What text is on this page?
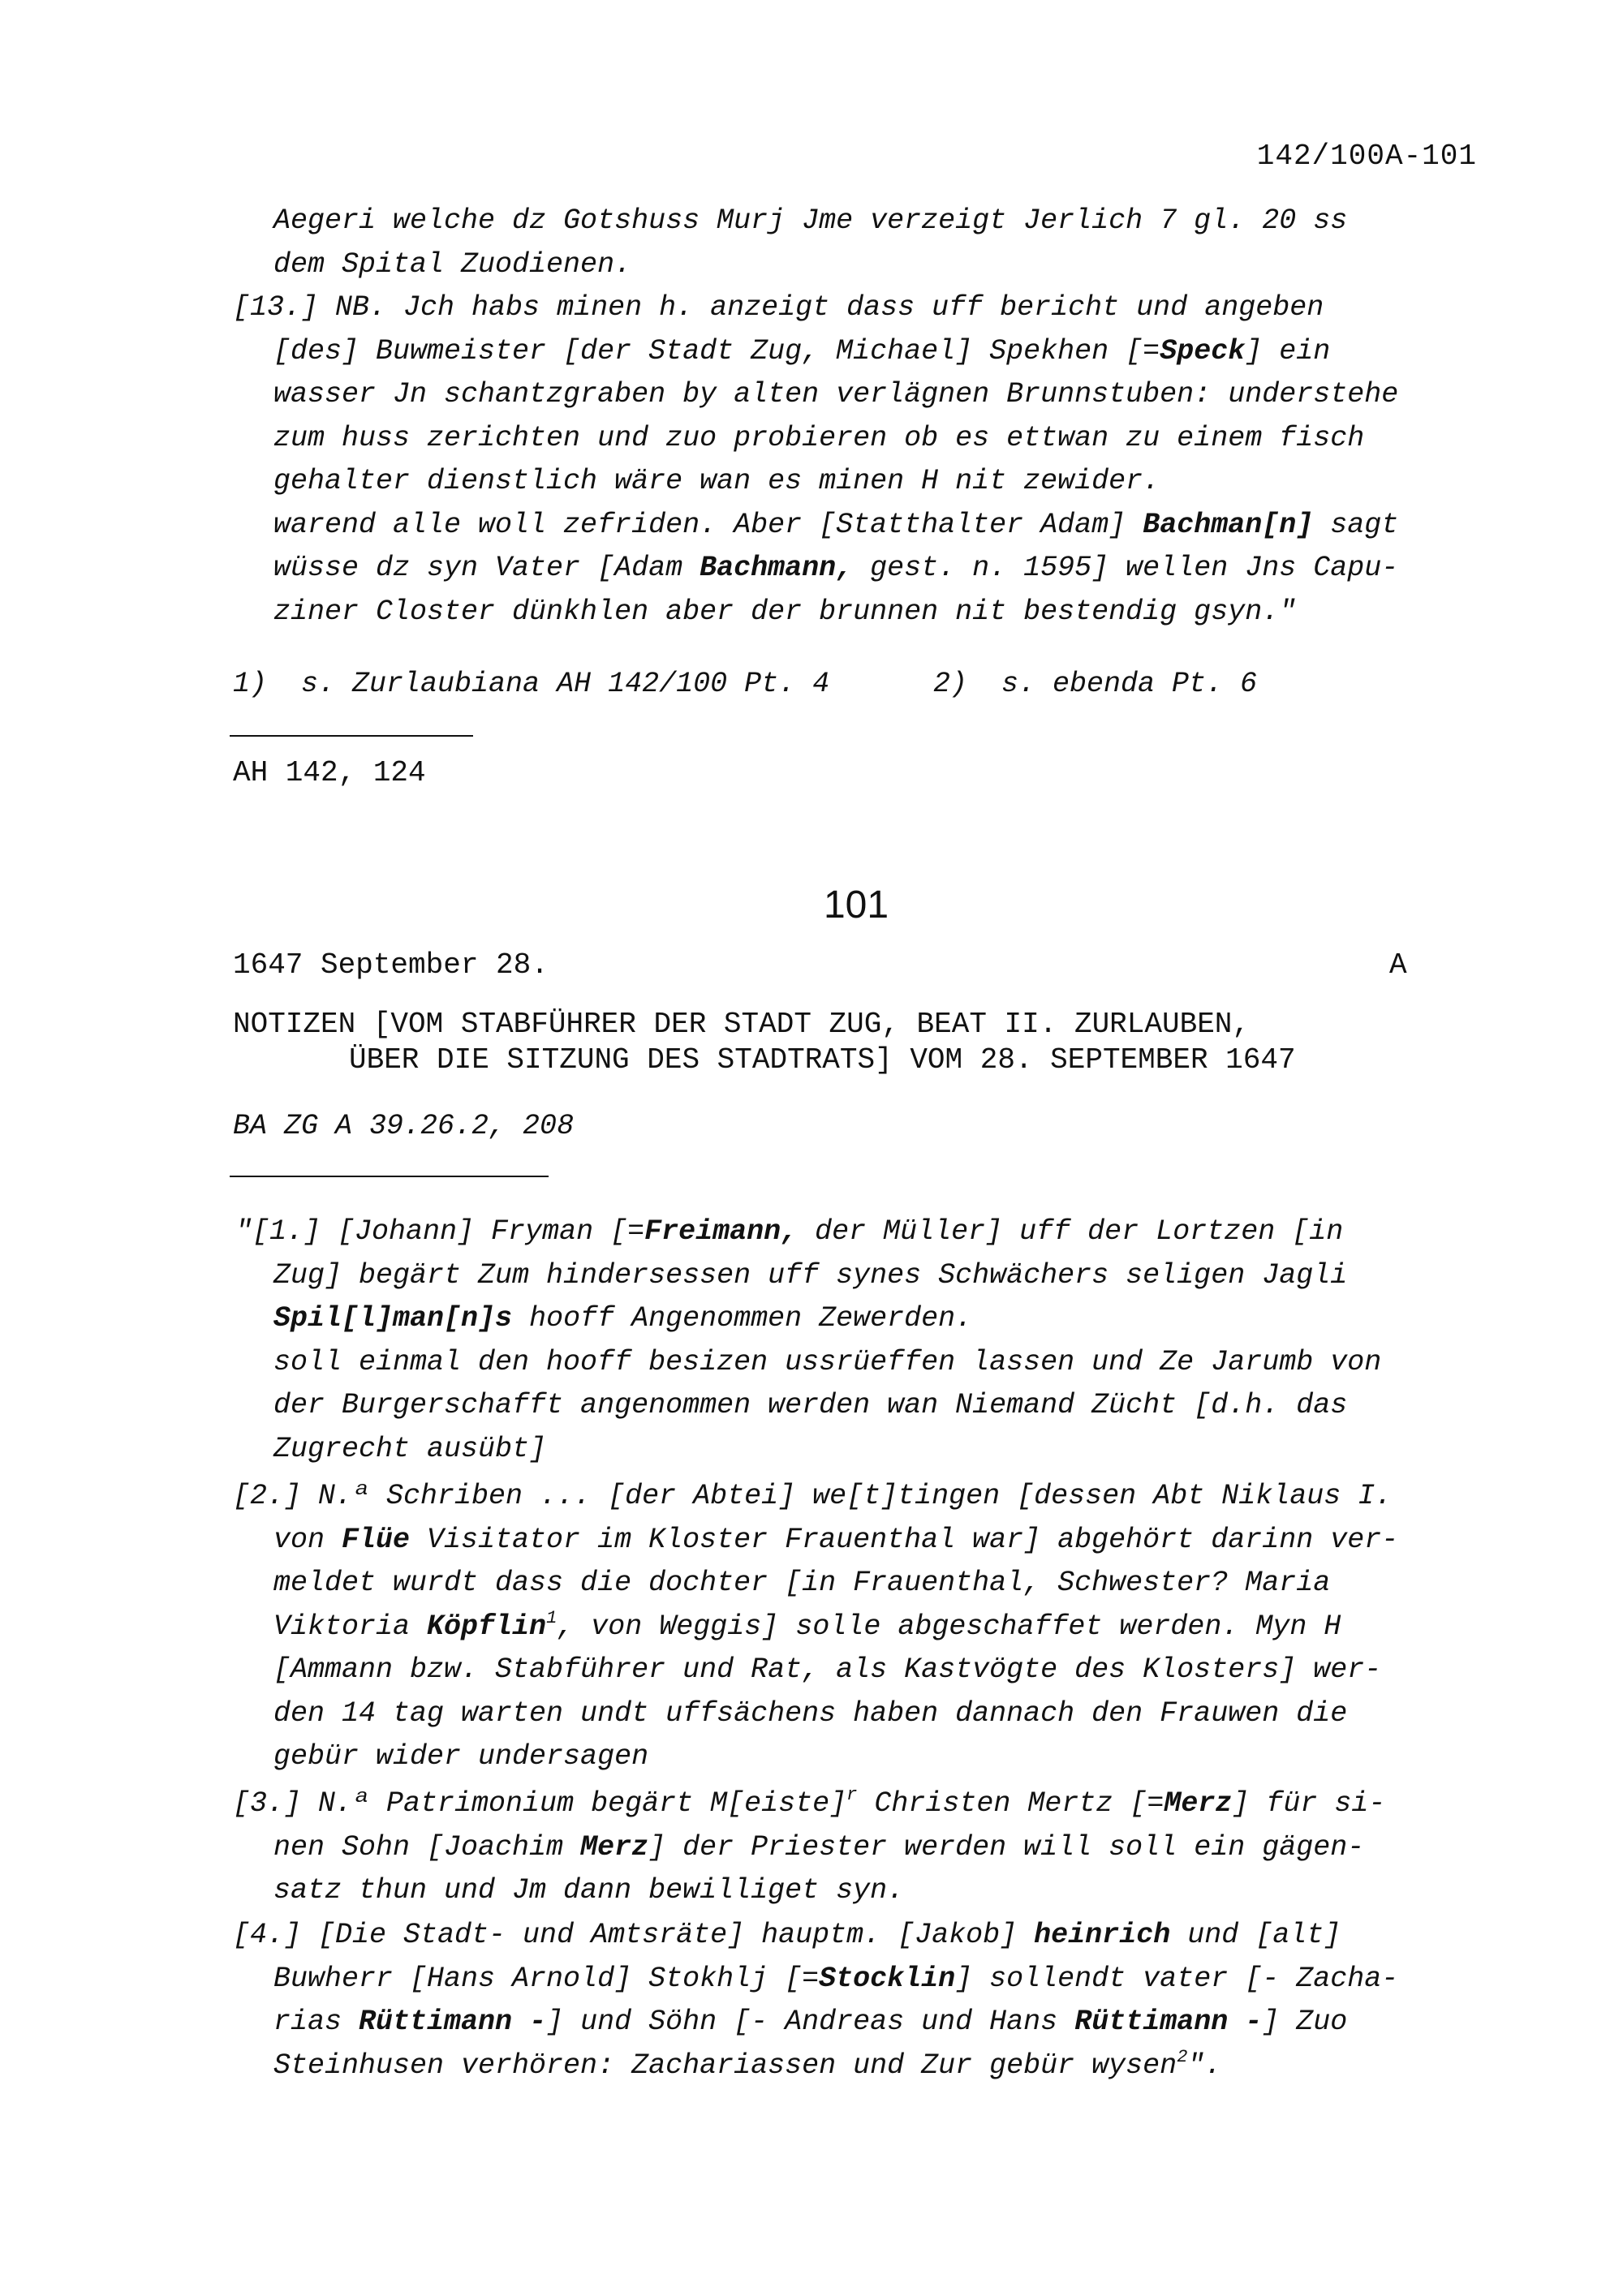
142/100A-101
Aegeri welche dz Gotshuss Murj Jme verzeigt Jerlich 7 gl. 20 ss
dem Spital Zuodienen.
[13.] NB. Jch habs minen h. anzeigt dass uff bericht und angeben
[des] Buwmeister [der Stadt Zug, Michael] Spekhen [=Speck] ein
wasser Jn schantzgraben by alten verlägnen Brunnstuben: understehe
zum huss zerichten und zuo probieren ob es ettwan zu einem fisch
gehalter dienstlich wäre wan es minen H nit zewider.
warend alle woll zefriden. Aber [Statthalter Adam] Bachman[n] sagt
wüsse dz syn Vater [Adam Bachmann, gest. n. 1595] wellen Jns Capu-
ziner Closter dünkhlen aber der brunnen nit bestendig gsyn."
1)  s. Zurlaubiana AH 142/100 Pt. 4	2)  s. ebenda Pt. 6
AH 142, 124
101
1647 September 28.	A
NOTIZEN [VOM STABFÜHRER DER STADT ZUG, BEAT II. ZURLAUBEN,
ÜBER DIE SITZUNG DES STADTRATS] VOM 28. SEPTEMBER 1647
BA ZG A 39.26.2, 208
"[1.] [Johann] Fryman [=Freimann, der Müller] uff der Lortzen [in
Zug] begärt Zum hindersessen uff synes Schwächers seligen Jagli
Spil[l]man[n]s hooff Angenommen Zewerden.
soll einmal den hooff besizen ussrüeffen lassen und Ze Jarumb von
der Burgerschafft angenommen werden wan Niemand Zücht [d.h. das
Zugrecht ausübt]
[2.] N.ª Schriben ... [der Abtei] we[t]tingen [dessen Abt Niklaus I.
von Flüe Visitator im Kloster Frauenthal war] abgehört darinn ver-
meldet wurdt dass die dochter [in Frauenthal, Schwester? Maria
Viktoria Köpflin$^1$, von Weggis] solle abgeschaffet werden. Myn H
[Ammann bzw. Stabführer und Rat, als Kastvögte des Klosters] wer-
den 14 tag warten undt uffsächens haben dannach den Frauwen die
gebür wider undersagen
[3.] N.ª Patrimonium begärt M[eiste]$^r$ Christen Mertz [=Merz] für si-
nen Sohn [Joachim Merz] der Priester werden will soll ein gägen-
satz thun und Jm dann bewilliget syn.
[4.] [Die Stadt- und Amtsräte] hauptm. [Jakob] heinrich und [alt]
Buwherr [Hans Arnold] Stokhlj [=Stocklin] sollendt vater [- Zacha-
rias Rüttimann -] und Söhn [- Andreas und Hans Rüttimann -] Zuo
Steinhusen verhören: Zachariassen und Zur gebür wysen$^2$".
